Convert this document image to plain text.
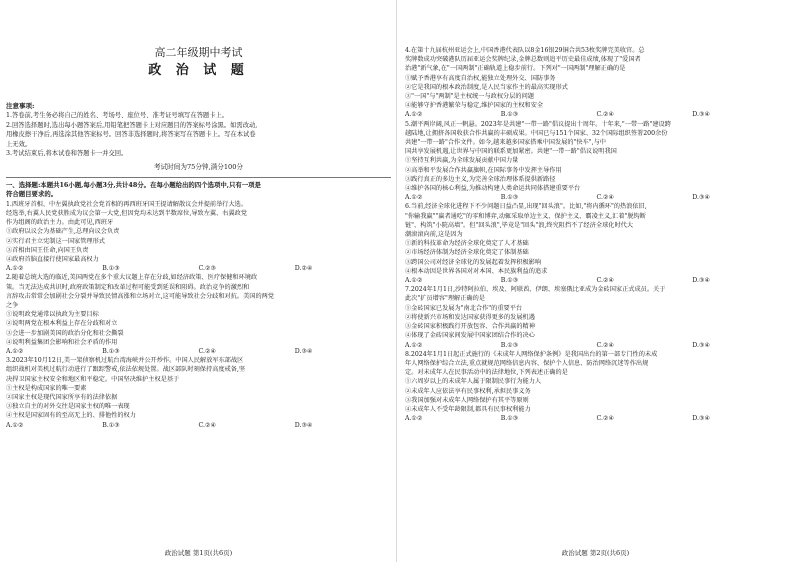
高二年级期中考试

政 治 试 题

注意事项:

1.答卷前,考生务必将自己的姓名、考场号、座位号、准考证号填写在答题卡上。

2.回答选择题时,选出每小题答案后,用铅笔把答题卡上对应题目的答案标号涂黑。如需改动,
用橡皮擦干净后,再选涂其他答案标号。回答非选择题时,将答案写在答题卡上。写在本试卷
上无效。

3.考试结束后,将本试卷和答题卡一并交回。

考试时间为75分钟,满分100分

一、选择题:本题共16小题,每小题3分,共计48分。在每小题给出的四个选项中,只有一项是
符合题目要求的。

1.西班牙首相、中左翼执政党社会党首相的再西班牙国王提请解散议会并提前举行大选。
经选举,右翼人民党获胜成为议会第一大党,但因党均未达到半数席位,导致左翼、右翼政党
作为组阁的政治主力。由此可见,西班牙

①政府以议会为基础产生,总理向议会负责

②实行君主立宪制这一国家管理形式

③首相由国王任命,向国王负责

④政府首脑直接行使国家最高权力

A.①②	B.①③	C.②③	D.②④

2.随着总统大选的临近,美国两党在多个重大议题上存在分歧,如经济政策、医疗保健和环境政
策。当无法达成共识时,政府政策制定和改革过程可能受到延误和阻碍。政治竞争的激烈和
言辞攻击常常会加剧社会分裂并导致民情高涨和立场对立,这可能导致社会分歧和对抗。美国的两党
之争

①说明政党通常以执政为主要目标

②说明两党在根本利益上存在分歧和对立

③会进一步加剧美国的政治分化和社会撕裂

④说明利益集团会影响和社会矛盾的作用

A.①②	B.①③	C.②④	D.③④

3.2023年10月12日,美一架侦察机过航台湾海峡并公开炒作。中国人民解放军东部战区
组织战机对美机过航行动进行了跟踪警戒,依法依规处置。战区部队时刻保持高度戒备,坚
决捍卫国家主权安全和地区和平稳定。中国坚决维护主权是基于

①主权是构成国家的唯一要素

②国家主权是现代国家所享有的法律依据

③独立自主的对外交往是国家主权的唯一表现

④主权是国家固有的至高无上的、排他性的权力

A.①②	B.①③	C.②④	D.③④
政治试题 第1页(共6页)

4.在第十九届杭州亚运会上,中国香港代表队以8金16银29铜合共53枚奖牌完美收官。总
奖牌数成功突破港队历届亚运会奖牌纪录,金牌总数则追平历史最佳成绩,体现了"爱国者
治港"新气象,在"一国两制"正确轨道上稳步前行。下列对"一国两制"理解正确的是

①赋予香港享有高度自治权,能独立处理外交、国防事务

②它是我国的根本政治制度,是人民当家作主的最高实现形式

③"一国"与"两制"是主权统一与政权分层的问题

④能够守护香港繁荣与稳定,维护国家的主权和安全

A.①②	B.①③	C.②④	D.③④

5.潮平两岸阔,风正一帆悬。2023年是共建"一带一路"倡议提出十周年。十年来,"一带一路"建设跨
越陆地,让拥挤各国收获合作共赢的丰硕成果。中国已与151个国家、32个国际组织签署200余份
共建"一带一路"合作文件。如今,越来越多国家搭乘中国发展的"快车",与中
国共享发展机遇,让世界与中国的联系更加紧密。共建"一带一路"倡议说明我国

①坚持互利共赢,为全球发展贡献中国力量

②高举和平发展合作共赢旗帜,在国际事务中发挥主导作用

③践行真正的多边主义,为完善全球治理体系提供新路径

④维护各国的核心利益,为推动构建人类命运共同体搭建重要平台

A.①②	B.①③	C.②④	D.③④

6.当前,经济全球化进程下不少问题日益凸显,出现"回头浪"。比如,"将内循环"的热浪依旧,
"你输我赢""赢者通吃"的零和博弈,动辄采取单边主义、保护主义、霸凌主义,汇着"脱钩断
链"、构筑"小院高墙"。但"回头浪",毕竟是"回头"浪,终究阻挡不了经济全球化时代大
潮滚滚向前,这是因为

①新的科技革命为经济全球化奠定了人才基础

②市场经济体制为经济全球化奠定了体制基础

③跨国公司对经济全球化的发展起着发挥积极影响

④根本动因是世界各国对对本国、本民族利益的追求

A.①②	B.①③	C.②④	D.③④

7.2024年1月1日,沙特阿拉伯、埃及、阿联酋、伊朗、埃塞俄比亚成为金砖国家正式成员。关于
此次"扩员增容"理解正确的是

①金砖国家已发展为"南北合作"的重要平台

②将使新兴市场和发达国家获得更多的发展机遇

③金砖国家积极践行开放包容、合作共赢的精神

④体现了金砖国家间发展中国家团结合作的决心

A.①②	B.①③	C.②④	D.③④

8.2024年1月1日起正式施行的《未成年人网络保护条例》是我国出台的第一部专门性的未成
年人网络保护综合立法,重点就规范网络信息内容、保护个人信息、防治网络沉迷等作出规
定。对未成年人在民事活动中的法律地位,下列表述正确的是

①六周岁以上的未成年人属于限制民事行为能力人

②未成年人应依法享有民事权利,承担民事义务

③我国加强对未成年人网络保护有其平等原则

④未成年人不受年龄限制,都具有民事权利能力

A.①②	B.①③	C.②④	D.③④
政治试题 第2页(共6页)
